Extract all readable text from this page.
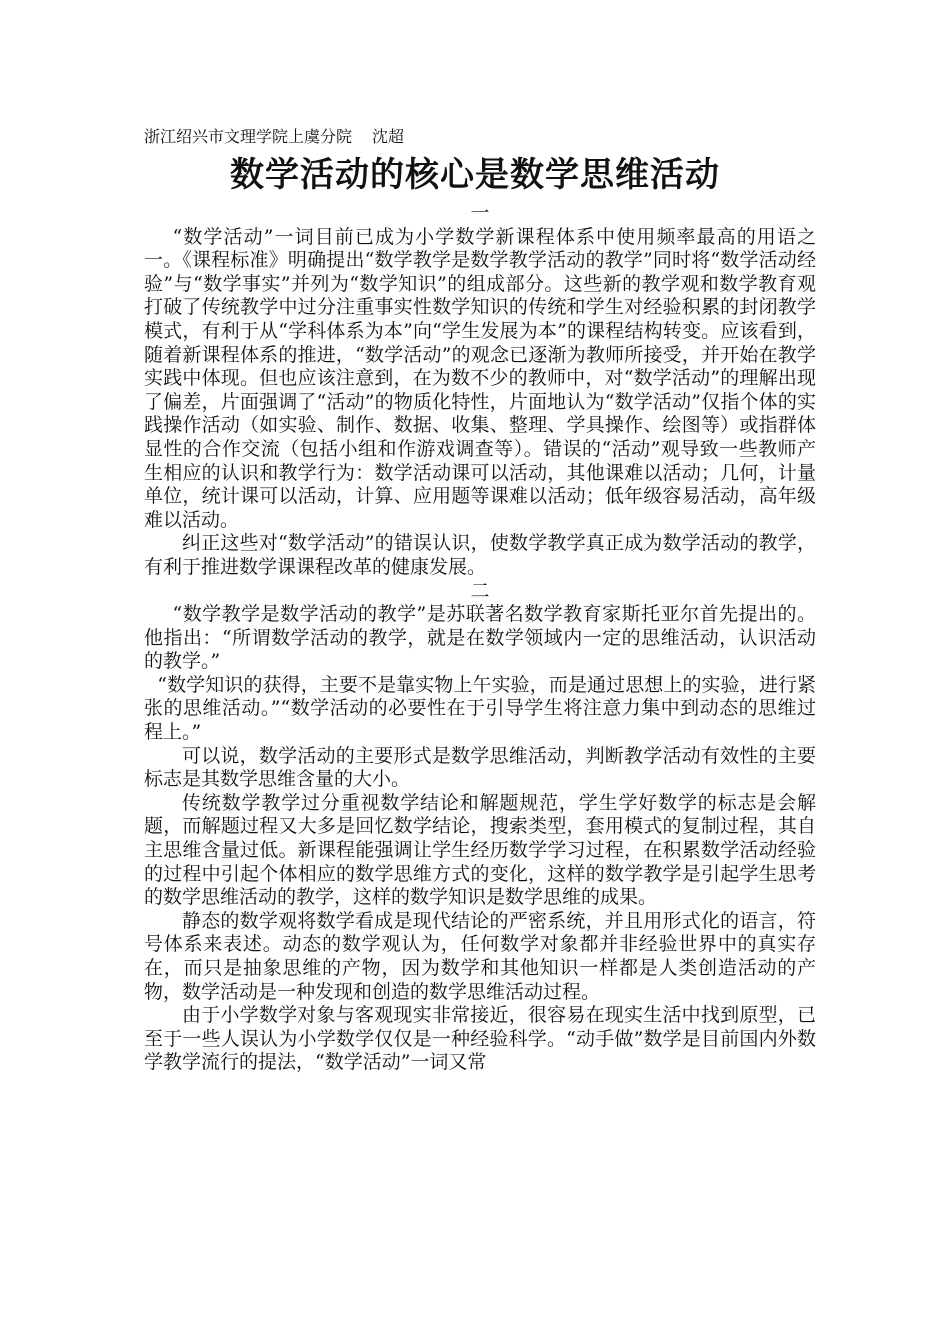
浙江绍兴市文理学院上虞分院 沈超
数学活动的核心是数学思维活动

一

“数学活动”一词目前已成为小学数学新课程体系中使用频率最高的用语之一。《课程标准》明确提出“数学教学是数学教学活动的教学”同时将“数学活动经验”与“数学事实”并列为“数学知识”的组成部分。这些新的教学观和数学教育观打破了传统教学中过分注重事实性数学知识的传统和学生对经验积累的封闭教学模式，有利于从“学科体系为本”向“学生发展为本”的课程结构转变。应该看到，随着新课程体系的推进，“数学活动”的观念已逐渐为教师所接受，并开始在教学实践中体现。但也应该注意到，在为数不少的教师中，对“数学活动”的理解出现了偏差，片面强调了“活动”的物质化特性，片面地认为“数学活动”仅指个体的实践操作活动（如实验、制作、数据、收集、整理、学具操作、绘图等）或指群体显性的合作交流（包括小组和作游戏调查等）。错误的“活动”观导致一些教师产生相应的认识和教学行为：数学活动课可以活动，其他课难以活动；几何，计量单位，统计课可以活动，计算、应用题等课难以活动；低年级容易活动，高年级难以活动。

纠正这些对“数学活动”的错误认识，使数学教学真正成为数学活动的教学，有利于推进数学课课程改革的健康发展。

二

“数学教学是数学活动的教学”是苏联著名数学教育家斯托亚尔首先提出的。他指出：“所谓数学活动的教学，就是在数学领域内一定的思维活动，认识活动的教学。”

“数学知识的获得，主要不是靠实物上午实验，而是通过思想上的实验，进行紧张的思维活动。”“数学活动的必要性在于引导学生将注意力集中到动态的思维过程上。”

可以说，数学活动的主要形式是数学思维活动，判断教学活动有效性的主要标志是其数学思维含量的大小。

传统数学教学过分重视数学结论和解题规范，学生学好数学的标志是会解题，而解题过程又大多是回忆数学结论，搜索类型，套用模式的复制过程，其自主思维含量过低。新课程能强调让学生经历数学学习过程，在积累数学活动经验的过程中引起个体相应的数学思维方式的变化，这样的数学教学是引起学生思考的数学思维活动的教学，这样的数学知识是数学思维的成果。

静态的数学观将数学看成是现代结论的严密系统，并且用形式化的语言，符号体系来表述。动态的数学观认为，任何数学对象都并非经验世界中的真实存在，而只是抽象思维的产物，因为数学和其他知识一样都是人类创造活动的产物，数学活动是一种发现和创造的数学思维活动过程。

由于小学数学对象与客观现实非常接近，很容易在现实生活中找到原型，已至于一些人误认为小学数学仅仅是一种经验科学。“动手做”数学是目前国内外数学教学流行的提法，“数学活动”一词又常
